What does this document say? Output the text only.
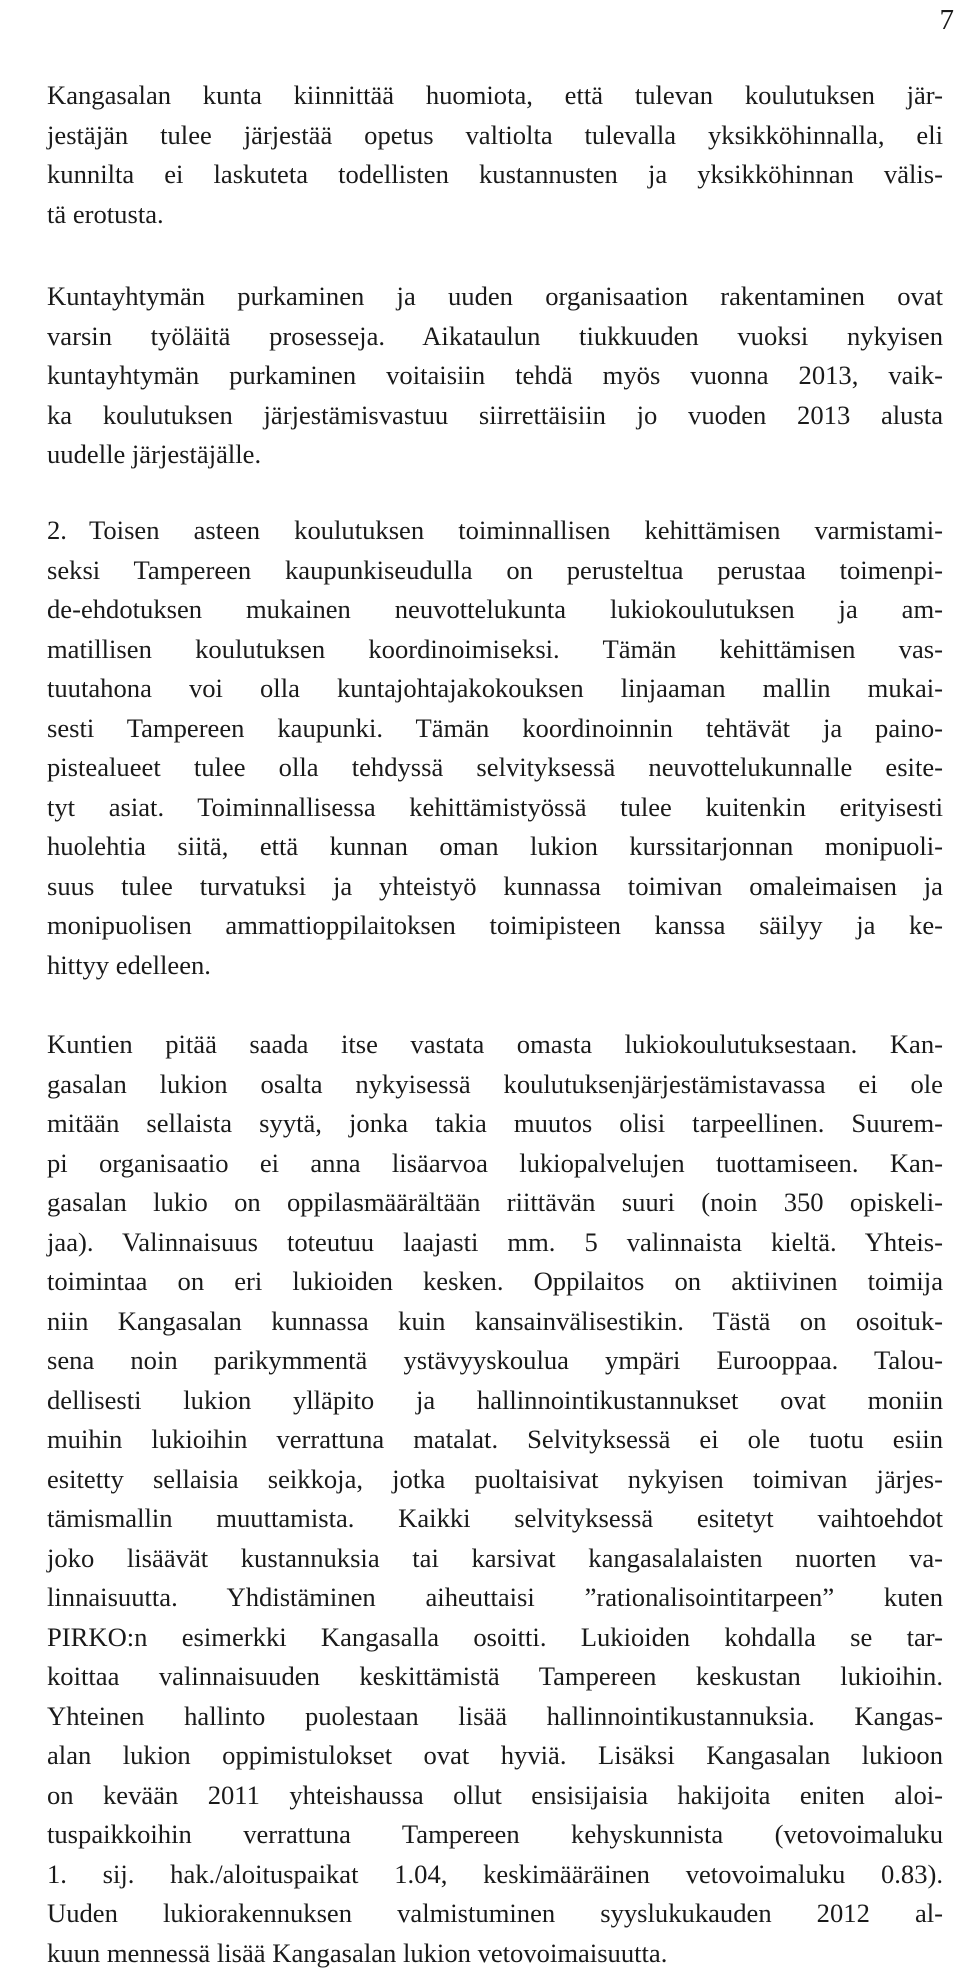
7
Kangasalan kunta kiinnittää huomiota, että tulevan koulutuksen jär-
jestäjän tulee järjestää opetus valtiolta tulevalla yksikköhinnalla, eli
kunnilta ei laskuteta todellisten kustannusten ja yksikköhinnan välis-
tä erotusta.
Kuntayhtymän purkaminen ja uuden organisaation rakentaminen ovat
varsin työläitä prosesseja. Aikataulun tiukkuuden vuoksi nykyisen
kuntayhtymän purkaminen voitaisiin tehdä myös vuonna 2013, vaik-
ka koulutuksen järjestämisvastuu siirrettäisiin jo vuoden 2013 alusta
uudelle järjestäjälle.
2. Toisen asteen koulutuksen toiminnallisen kehittämisen varmistami-
seksi Tampereen kaupunkiseudulla on perusteltua perustaa toimenpi-
de-ehdotuksen mukainen neuvottelukunta lukiokoulutuksen ja am-
matillisen koulutuksen koordinoimiseksi. Tämän kehittämisen vas-
tuutahona voi olla kuntajohtajakokouksen linjaaman mallin mukai-
sesti Tampereen kaupunki. Tämän koordinoinnin tehtävät ja paino-
pistealueet tulee olla tehdyssä selvityksessä neuvottelukunnalle esite-
tyt asiat. Toiminnallisessa kehittämistyössä tulee kuitenkin erityisesti
huolehtia siitä, että kunnan oman lukion kurssitarjonnan monipuoli-
suus tulee turvatuksi ja yhteistyö kunnassa toimivan omaleimaisen ja
monipuolisen ammattioppilaitoksen toimipisteen kanssa säilyy ja ke-
hittyy edelleen.
Kuntien pitää saada itse vastata omasta lukiokoulutuksestaan. Kan-
gasalan lukion osalta nykyisessä koulutuksenjärjestämistavassa ei ole
mitään sellaista syytä, jonka takia muutos olisi tarpeellinen. Suurem-
pi organisaatio ei anna lisäarvoa lukiopalvelujen tuottamiseen. Kan-
gasalan lukio on oppilasmäärältään riittävän suuri (noin 350 opiskeli-
jaa). Valinnaisuus toteutuu laajasti mm. 5 valinnaista kieltä. Yhteis-
toimintaa on eri lukioiden kesken. Oppilaitos on aktiivinen toimija
niin Kangasalan kunnassa kuin kansainvälisestikin. Tästä on osoituk-
sena noin parikymmentä ystävyyskoulua ympäri Eurooppaa. Talou-
dellisesti lukion ylläpito ja hallinnointikustannukset ovat moniin
muihin lukioihin verrattuna matalat. Selvityksessä ei ole tuotu esiin
esitetty sellaisia seikkoja, jotka puoltaisivat nykyisen toimivan järjes-
tämismallin muuttamista. Kaikki selvityksessä esitetyt vaihtoehdot
joko lisäävät kustannuksia tai karsivat kangasalalaisten nuorten va-
linnaisuutta. Yhdistäminen aiheuttaisi ”rationalisointitarpeen” kuten
PIRKO:n esimerkki Kangasalla osoitti. Lukioiden kohdalla se tar-
koittaa valinnaisuuden keskittämistä Tampereen keskustan lukioihin.
Yhteinen hallinto puolestaan lisää hallinnointikustannuksia. Kangas-
alan lukion oppimistulokset ovat hyviä. Lisäksi Kangasalan lukioon
on kevään 2011 yhteishaussa ollut ensisijaisia hakijoita eniten aloi-
tuspaikkoihin verrattuna Tampereen kehyskunnista (vetovoimaluku
1. sij. hak./aloituspaikat 1.04, keskimääräinen vetovoimaluku 0.83).
Uuden lukiorakennuksen valmistuminen syyslukukauden 2012 al-
kuun mennessä lisää Kangasalan lukion vetovoimaisuutta.
